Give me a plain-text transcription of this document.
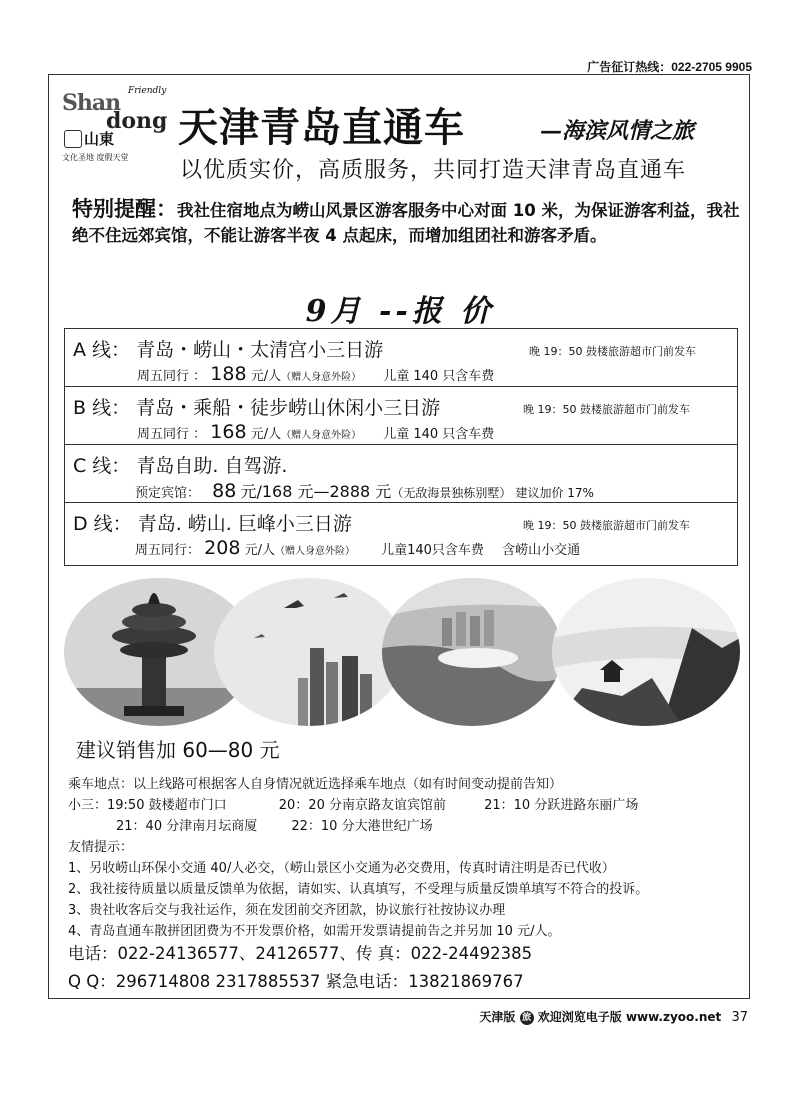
广告征订热线：022-2705 9905
Friendly
Shan
dong
山東
文化圣地 度假天堂
天津青岛直通车	—海滨风情之旅
以优质实价，高质服务，共同打造天津青岛直通车
特别提醒：我社住宿地点为崂山风景区游客服务中心对面 10 米，为保证游客利益，我社绝不住远郊宾馆，不能让游客半夜 4 点起床，而增加组团社和游客矛盾。
9月 --报 价
A 线： 青岛・崂山・太清宫小三日游	晚 19：50 鼓楼旅游超市门前发车
周五同行 ： 188 元/人（赠人身意外险） 儿童 140 只含车费
B 线： 青岛・乘船・徒步崂山休闲小三日游	晚 19：50 鼓楼旅游超市门前发车
周五同行 ： 168 元/人（赠人身意外险） 儿童 140 只含车费
C 线： 青岛自助. 自驾游.
预定宾馆： 88 元/168 元—2888 元（无敌海景独栋别墅） 建议加价 17%
D 线： 青岛. 崂山. 巨峰小三日游	晚 19：50 鼓楼旅游超市门前发车
周五同行： 208 元/人（赠人身意外险） 儿童140只含车费 含崂山小交通
建议销售加 60—80 元
乘车地点：以上线路可根据客人自身情况就近选择乘车地点（如有时间变动提前告知）
小三：19:50 鼓楼超市门口	20：20 分南京路友谊宾馆前	21：10 分跃进路东丽广场
21：40 分津南月坛商厦	22：10 分大港世纪广场
友情提示：
1、另收崂山环保小交通 40/人必交，（崂山景区小交通为必交费用，传真时请注明是否已代收）
2、我社接待质量以质量反馈单为依据，请如实、认真填写，不受理与质量反馈单填写不符合的投诉。
3、贵社收客后交与我社运作，须在发团前交齐团款，协议旅行社按协议办理
4、青岛直通车散拼团团费为不开发票价格，如需开发票请提前告之并另加 10 元/人。
电话：022-24136577、24126577、传 真：022-24492385
Q Q：296714808 2317885537 紧急电话：13821869767
天津版 旅 欢迎浏览电子版 www.zyoo.net 37
